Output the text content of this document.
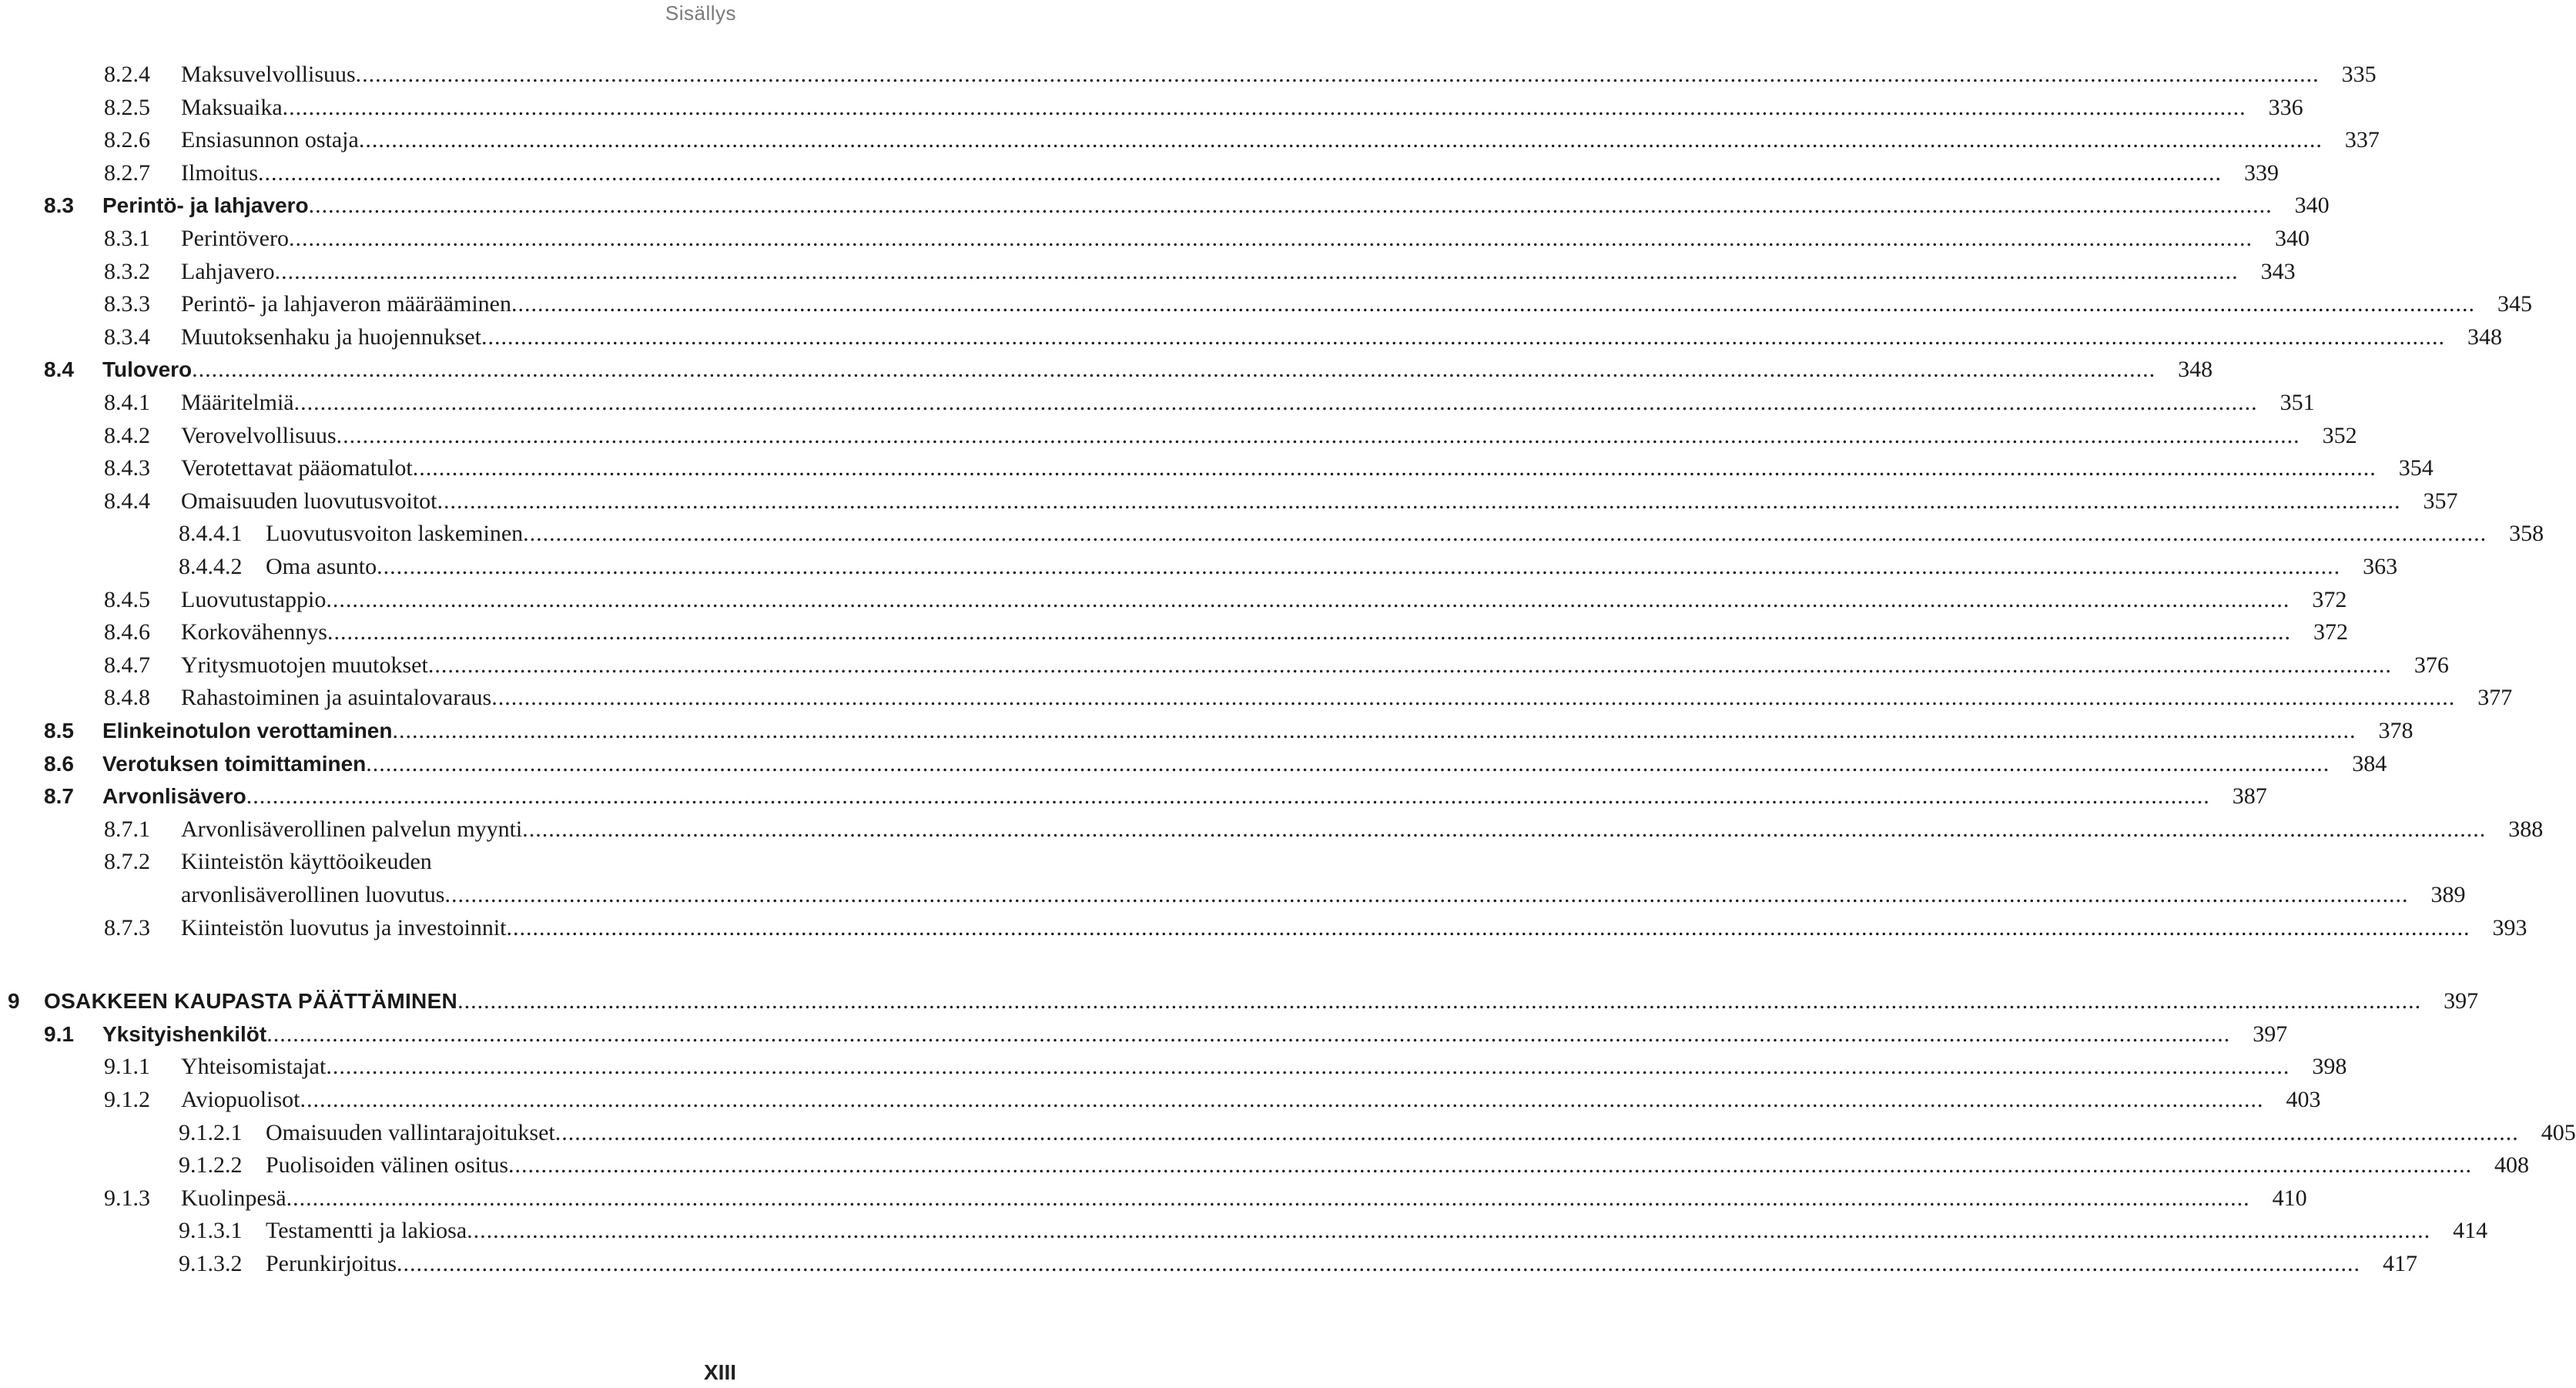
Sisällys
8.2.4	Maksuvelvollisuus ............................................................................................................................................................................................................................................................................................................ 335
8.2.5	Maksuaika ............................................................................................................................................................................................................................................................................................................ 336
8.2.6	Ensiasunnon ostaja ............................................................................................................................................................................................................................................................................................................ 337
8.2.7	Ilmoitus ............................................................................................................................................................................................................................................................................................................ 339
8.3	Perintö- ja lahjavero ............................................................................................................................................................................................................................................................................................................ 340
8.3.1	Perintövero ............................................................................................................................................................................................................................................................................................................ 340
8.3.2	Lahjavero ............................................................................................................................................................................................................................................................................................................ 343
8.3.3	Perintö- ja lahjaveron määrääminen ............................................................................................................................................................................................................................................................................................................ 345
8.3.4	Muutoksenhaku ja huojennukset ............................................................................................................................................................................................................................................................................................................ 348
8.4	Tulovero ............................................................................................................................................................................................................................................................................................................ 348
8.4.1	Määritelmiä ............................................................................................................................................................................................................................................................................................................ 351
8.4.2	Verovelvollisuus ............................................................................................................................................................................................................................................................................................................ 352
8.4.3	Verotettavat pääomatulot ............................................................................................................................................................................................................................................................................................................ 354
8.4.4	Omaisuuden luovutusvoitot ............................................................................................................................................................................................................................................................................................................ 357
8.4.4.1	Luovutusvoiton laskeminen ............................................................................................................................................................................................................................................................................................................ 358
8.4.4.2	Oma asunto ............................................................................................................................................................................................................................................................................................................ 363
8.4.5	Luovutustappio ............................................................................................................................................................................................................................................................................................................ 372
8.4.6	Korkovähennys ............................................................................................................................................................................................................................................................................................................ 372
8.4.7	Yritysmuotojen muutokset ............................................................................................................................................................................................................................................................................................................ 376
8.4.8	Rahastoiminen ja asuintalovaraus ............................................................................................................................................................................................................................................................................................................ 377
8.5	Elinkeinotulon verottaminen ............................................................................................................................................................................................................................................................................................................ 378
8.6	Verotuksen toimittaminen ............................................................................................................................................................................................................................................................................................................ 384
8.7	Arvonlisävero ............................................................................................................................................................................................................................................................................................................ 387
8.7.1	Arvonlisäverollinen palvelun myynti ............................................................................................................................................................................................................................................................................................................ 388
8.7.2	Kiinteistön käyttöoikeuden
arvonlisäverollinen luovutus ............................................................................................................................................................................................................................................................................................................ 389
8.7.3	Kiinteistön luovutus ja investoinnit ............................................................................................................................................................................................................................................................................................................ 393
9	OSAKKEEN KAUPASTA PÄÄTTÄMINEN ............................................................................................................................................................................................................................................................................................................ 397
9.1	Yksityishenkilöt ............................................................................................................................................................................................................................................................................................................ 397
9.1.1	Yhteisomistajat ............................................................................................................................................................................................................................................................................................................ 398
9.1.2	Aviopuolisot ............................................................................................................................................................................................................................................................................................................ 403
9.1.2.1	Omaisuuden vallintarajoitukset ............................................................................................................................................................................................................................................................................................................ 405
9.1.2.2	Puolisoiden välinen ositus ............................................................................................................................................................................................................................................................................................................ 408
9.1.3	Kuolinpesä ............................................................................................................................................................................................................................................................................................................ 410
9.1.3.1	Testamentti ja lakiosa ............................................................................................................................................................................................................................................................................................................ 414
9.1.3.2	Perunkirjoitus ............................................................................................................................................................................................................................................................................................................ 417
XIII
